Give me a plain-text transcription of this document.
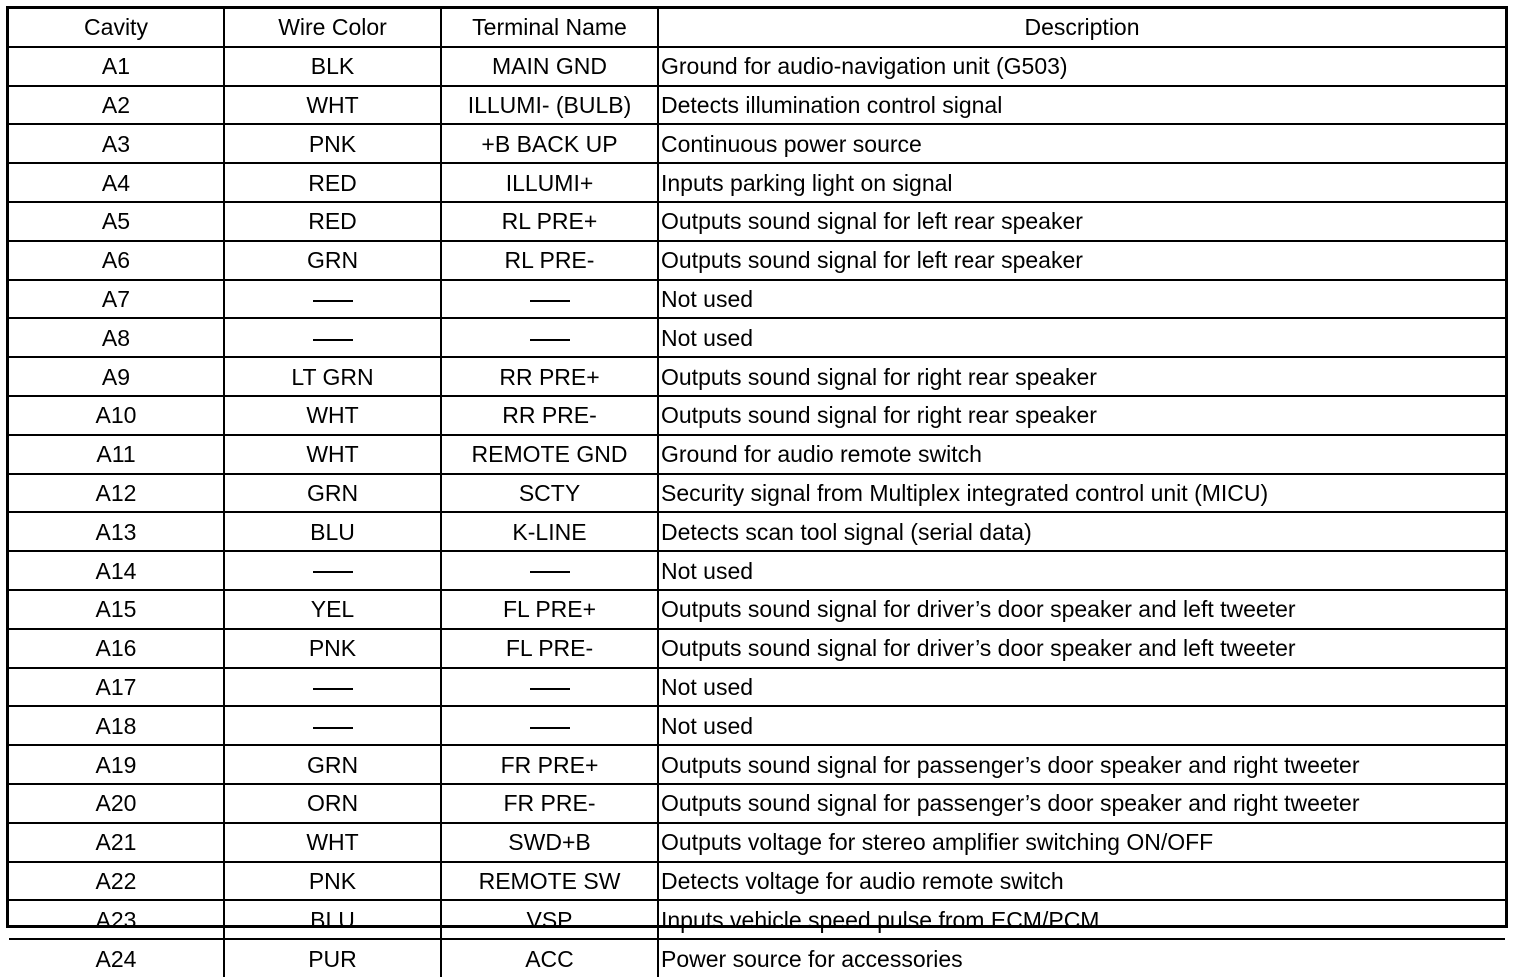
Cavity	Wire Color	Terminal Name	Description
A1	BLK	MAIN GND	Ground for audio-navigation unit (G503)
A2	WHT	ILLUMI- (BULB)	Detects illumination control signal
A3	PNK	+B BACK UP	Continuous power source
A4	RED	ILLUMI+	Inputs parking light on signal
A5	RED	RL PRE+	Outputs sound signal for left rear speaker
A6	GRN	RL PRE-	Outputs sound signal for left rear speaker
A7			Not used
A8			Not used
A9	LT GRN	RR PRE+	Outputs sound signal for right rear speaker
A10	WHT	RR PRE-	Outputs sound signal for right rear speaker
A11	WHT	REMOTE GND	Ground for audio remote switch
A12	GRN	SCTY	Security signal from Multiplex integrated control unit (MICU)
A13	BLU	K-LINE	Detects scan tool signal (serial data)
A14			Not used
A15	YEL	FL PRE+	Outputs sound signal for driver’s door speaker and left tweeter
A16	PNK	FL PRE-	Outputs sound signal for driver’s door speaker and left tweeter
A17			Not used
A18			Not used
A19	GRN	FR PRE+	Outputs sound signal for passenger’s door speaker and right tweeter
A20	ORN	FR PRE-	Outputs sound signal for passenger’s door speaker and right tweeter
A21	WHT	SWD+B	Outputs voltage for stereo amplifier switching ON/OFF
A22	PNK	REMOTE SW	Detects voltage for audio remote switch
A23	BLU	VSP	Inputs vehicle speed pulse from ECM/PCM
A24	PUR	ACC	Power source for accessories
